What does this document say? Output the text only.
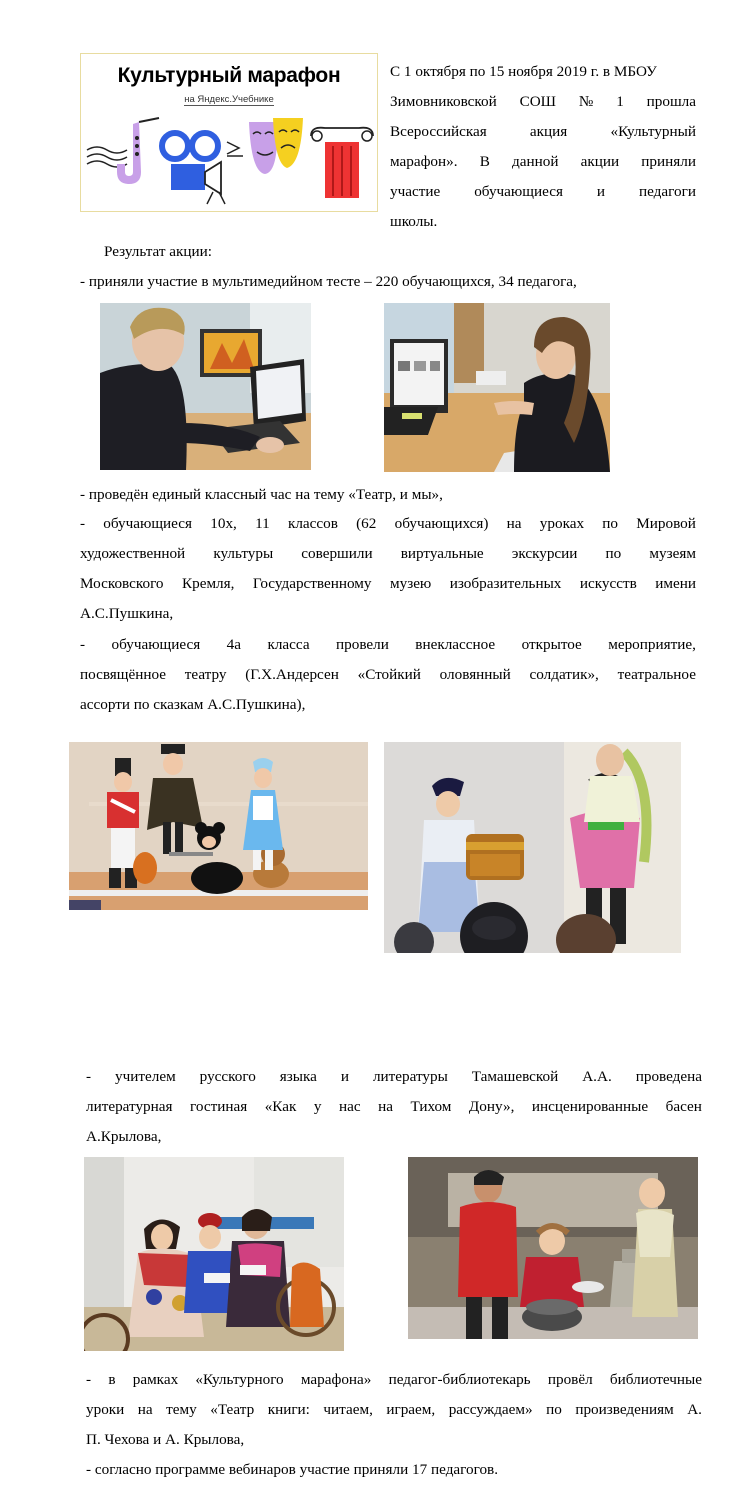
Культурный марафон
на Яндекс.Учебнике
С 1 октября по 15 ноября 2019 г. в МБОУ
Зимовниковской СОШ № 1 прошла
Всероссийская	акция	«Культурный
марафон». В данной акции приняли
участие обучающиеся и педагоги
школы.
Результат акции:
- приняли участие в мультимедийном тесте – 220 обучающихся, 34 педагога,
- проведён единый классный час на тему «Театр, и мы»,
- обучающиеся 10х, 11 классов (62 обучающихся) на уроках по Мировой
художественной культуры совершили виртуальные экскурсии по музеям
Московского Кремля, Государственному музею изобразительных искусств имени
А.С.Пушкина,
- обучающиеся 4а класса провели внеклассное открытое мероприятие,
посвящённое театру (Г.Х.Андерсен «Стойкий оловянный солдатик», театральное
ассорти по сказкам А.С.Пушкина),
- учителем русского языка и литературы Тамашевской А.А. проведена
литературная гостиная «Как у нас на Тихом Дону», инсценированные басен
А.Крылова,
- в рамках «Культурного марафона» педагог-библиотекарь провёл библиотечные
уроки на тему «Театр книги: читаем, играем, рассуждаем» по произведениям А.
П. Чехова и А. Крылова,
- согласно программе вебинаров участие приняли 17 педагогов.
